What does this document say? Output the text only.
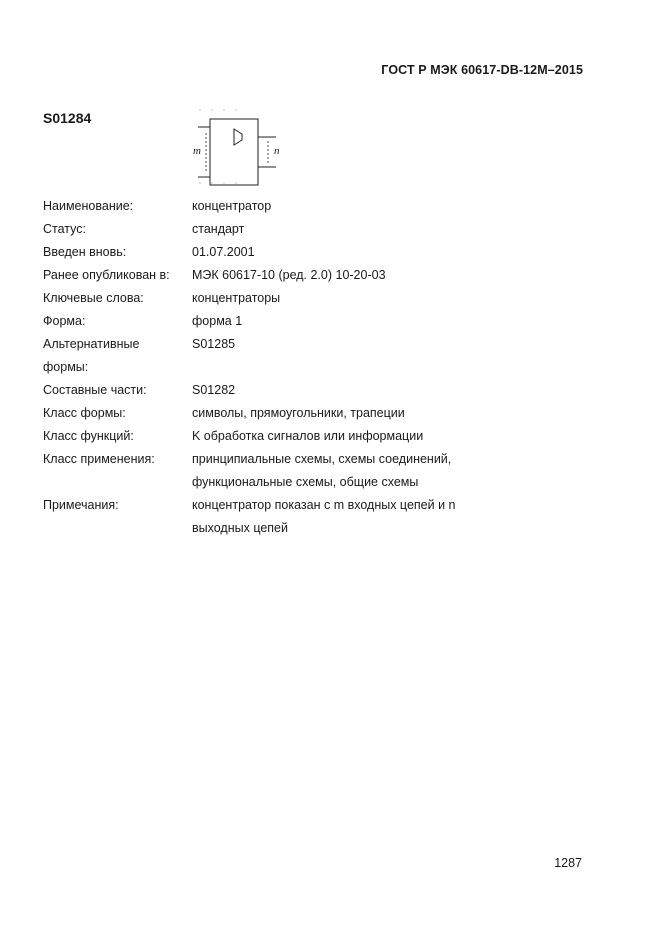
ГОСТ Р МЭК 60617-DB-12M–2015
S01284
m	n
Наименование:	концентратор
Статус:	стандарт
Введен вновь:	01.07.2001
Ранее опубликован в:	МЭК 60617-10 (ред. 2.0) 10-20-03
Ключевые слова:	концентраторы
Форма:	форма 1
Альтернативные	S01285
формы:
Составные части:	S01282
Класс формы:	символы, прямоугольники, трапеции
Класс функций:	K обработка сигналов или информации
Класс применения:	принципиальные схемы, схемы соединений,
функциональные схемы, общие схемы
Примечания:	концентратор показан с m входных цепей и n
выходных цепей
1287
